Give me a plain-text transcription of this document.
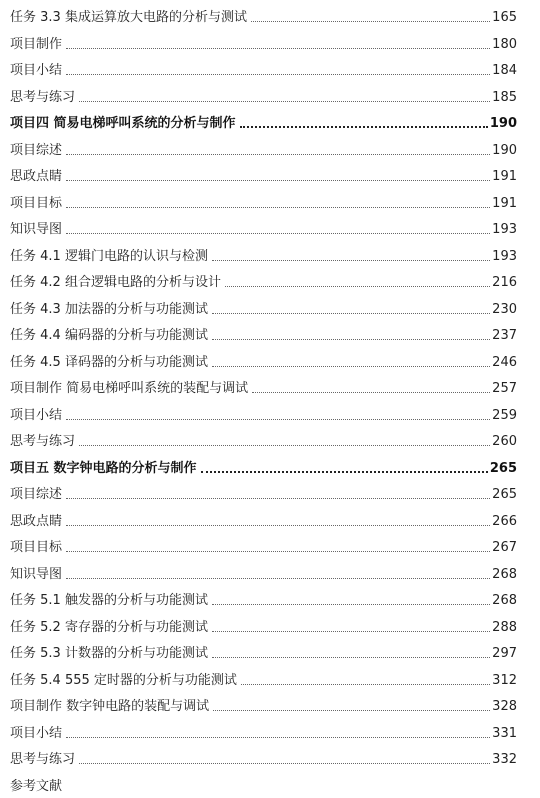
任务 3.3 集成运算放大电路的分析与测试	165
项目制作	180
项目小结	184
思考与练习	185
项目四 简易电梯呼叫系统的分析与制作	190
项目综述	190
思政点睛	191
项目目标	191
知识导图	193
任务 4.1 逻辑门电路的认识与检测	193
任务 4.2 组合逻辑电路的分析与设计	216
任务 4.3 加法器的分析与功能测试	230
任务 4.4 编码器的分析与功能测试	237
任务 4.5 译码器的分析与功能测试	246
项目制作 简易电梯呼叫系统的装配与调试	257
项目小结	259
思考与练习	260
项目五 数字钟电路的分析与制作	265
项目综述	265
思政点睛	266
项目目标	267
知识导图	268
任务 5.1 触发器的分析与功能测试	268
任务 5.2 寄存器的分析与功能测试	288
任务 5.3 计数器的分析与功能测试	297
任务 5.4 555 定时器的分析与功能测试	312
项目制作 数字钟电路的装配与调试	328
项目小结	331
思考与练习	332
参考文献
